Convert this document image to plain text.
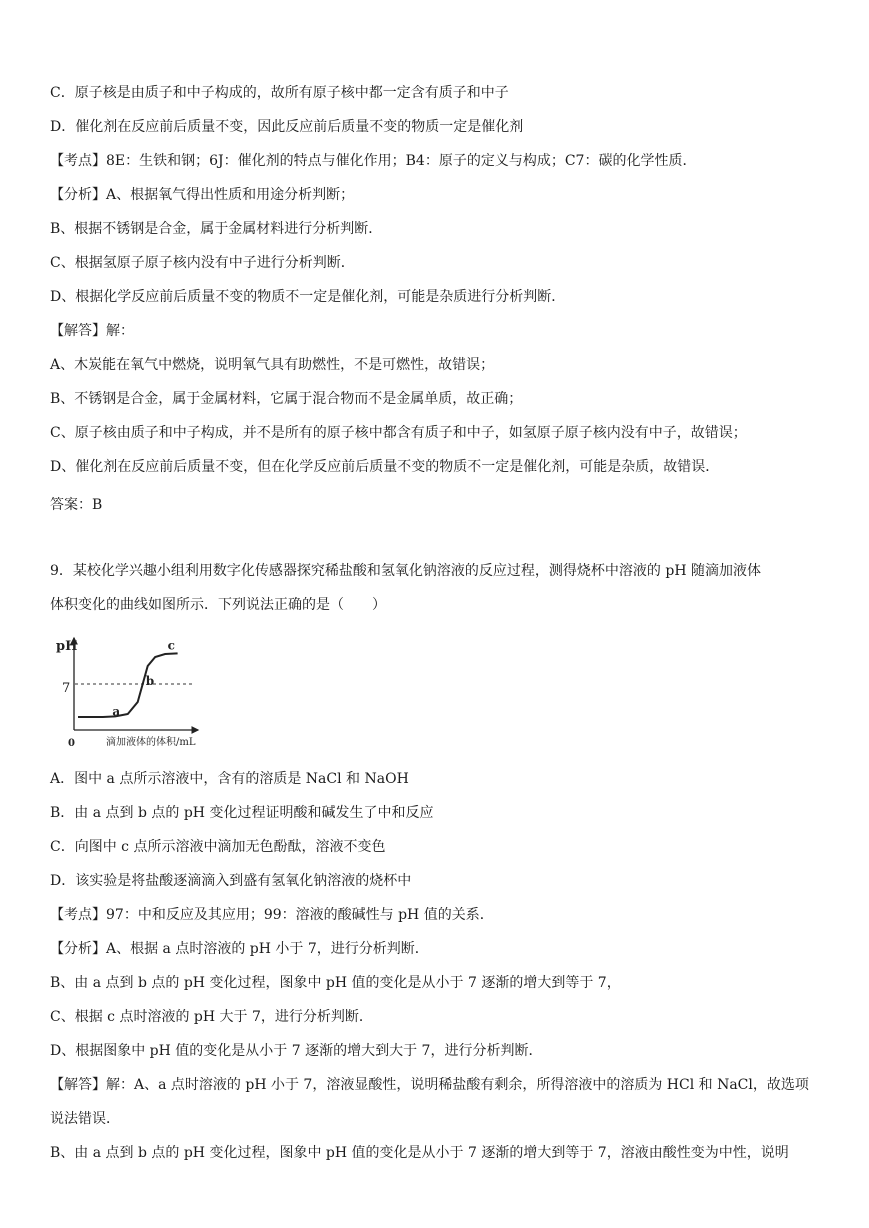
C．原子核是由质子和中子构成的，故所有原子核中都一定含有质子和中子
D．催化剂在反应前后质量不变，因此反应前后质量不变的物质一定是催化剂
【考点】8E：生铁和钢；6J：催化剂的特点与催化作用；B4：原子的定义与构成；C7：碳的化学性质．
【分析】A、根据氧气得出性质和用途分析判断；
B、根据不锈钢是合金，属于金属材料进行分析判断．
C、根据氢原子原子核内没有中子进行分析判断．
D、根据化学反应前后质量不变的物质不一定是催化剂，可能是杂质进行分析判断．
【解答】解：
A、木炭能在氧气中燃烧，说明氧气具有助燃性，不是可燃性，故错误；
B、不锈钢是合金，属于金属材料，它属于混合物而不是金属单质，故正确；
C、原子核由质子和中子构成，并不是所有的原子核中都含有质子和中子，如氢原子原子核内没有中子，故错误；
D、催化剂在反应前后质量不变，但在化学反应前后质量不变的物质不一定是催化剂，可能是杂质，故错误．
答案：B
9．某校化学兴趣小组利用数字化传感器探究稀盐酸和氢氧化钠溶液的反应过程，测得烧杯中溶液的 pH 随滴加液体
体积变化的曲线如图所示．下列说法正确的是（　　）
pH
7
0	滴加液体的体积/mL
a
b
c
A．图中 a 点所示溶液中，含有的溶质是 NaCl 和 NaOH
B．由 a 点到 b 点的 pH 变化过程证明酸和碱发生了中和反应
C．向图中 c 点所示溶液中滴加无色酚酞，溶液不变色
D．该实验是将盐酸逐滴滴入到盛有氢氧化钠溶液的烧杯中
【考点】97：中和反应及其应用；99：溶液的酸碱性与 pH 值的关系．
【分析】A、根据 a 点时溶液的 pH 小于 7，进行分析判断．
B、由 a 点到 b 点的 pH 变化过程，图象中 pH 值的变化是从小于 7 逐渐的增大到等于 7，
C、根据 c 点时溶液的 pH 大于 7，进行分析判断．
D、根据图象中 pH 值的变化是从小于 7 逐渐的增大到大于 7，进行分析判断．
【解答】解：A、a 点时溶液的 pH 小于 7，溶液显酸性，说明稀盐酸有剩余，所得溶液中的溶质为 HCl 和 NaCl，故选项说法错误．
B、由 a 点到 b 点的 pH 变化过程，图象中 pH 值的变化是从小于 7 逐渐的增大到等于 7，溶液由酸性变为中性，说明
